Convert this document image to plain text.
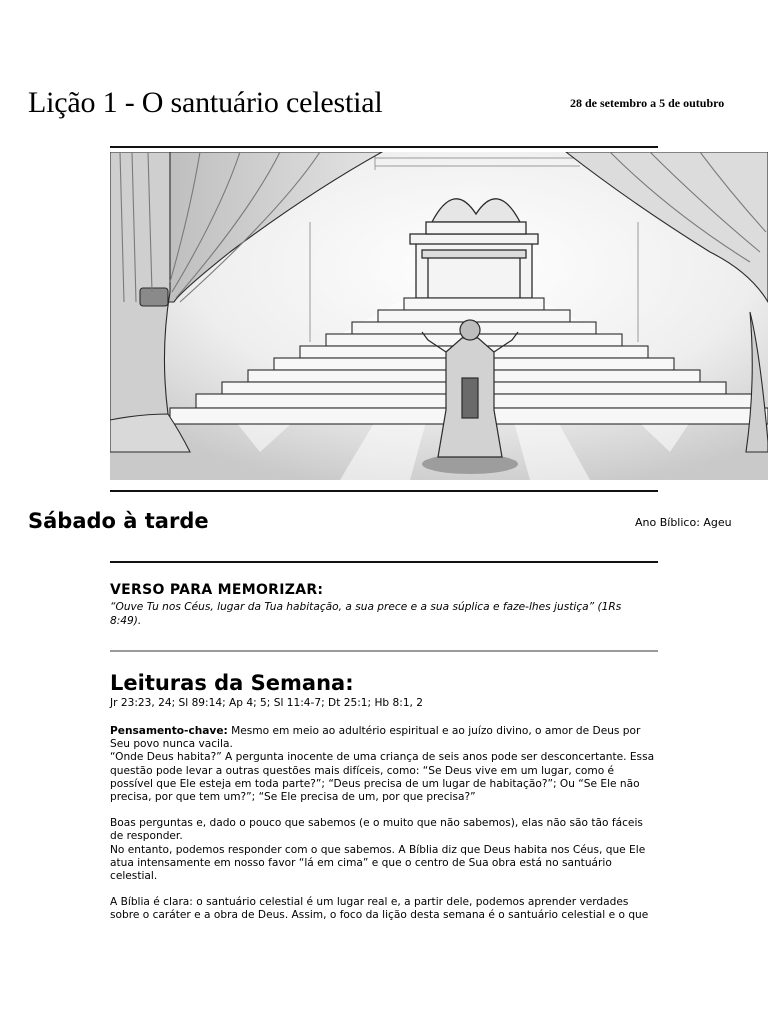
Lição 1 - O santuário celestial	28 de setembro a 5 de outubro
Sábado à tarde	Ano Bíblico: Ageu
VERSO PARA MEMORIZAR:

“Ouve Tu nos Céus, lugar da Tua habitação, a sua prece e a sua súplica e faze-lhes justiça” (1Rs 8:49).

Leituras da Semana:
Jr 23:23, 24; Sl 89:14; Ap 4; 5; Sl 11:4-7; Dt 25:1; Hb 8:1, 2

Pensamento-chave: Mesmo em meio ao adultério espiritual e ao juízo divino, o amor de Deus por Seu povo nunca vacila.

“Onde Deus habita?” A pergunta inocente de uma criança de seis anos pode ser desconcertante. Essa questão pode levar a outras questões mais difíceis, como: “Se Deus vive em um lugar, como é possível que Ele esteja em toda parte?”; “Deus precisa de um lugar de habitação?”; Ou “Se Ele não precisa, por que tem um?”; “Se Ele precisa de um, por que precisa?”

Boas perguntas e, dado o pouco que sabemos (e o muito que não sabemos), elas não são tão fáceis de responder.

No entanto, podemos responder com o que sabemos. A Bíblia diz que Deus habita nos Céus, que Ele atua intensamente em nosso favor “lá em cima” e que o centro de Sua obra está no santuário celestial.

A Bíblia é clara: o santuário celestial é um lugar real e, a partir dele, podemos aprender verdades sobre o caráter e a obra de Deus. Assim, o foco da lição desta semana é o santuário celestial e o que
